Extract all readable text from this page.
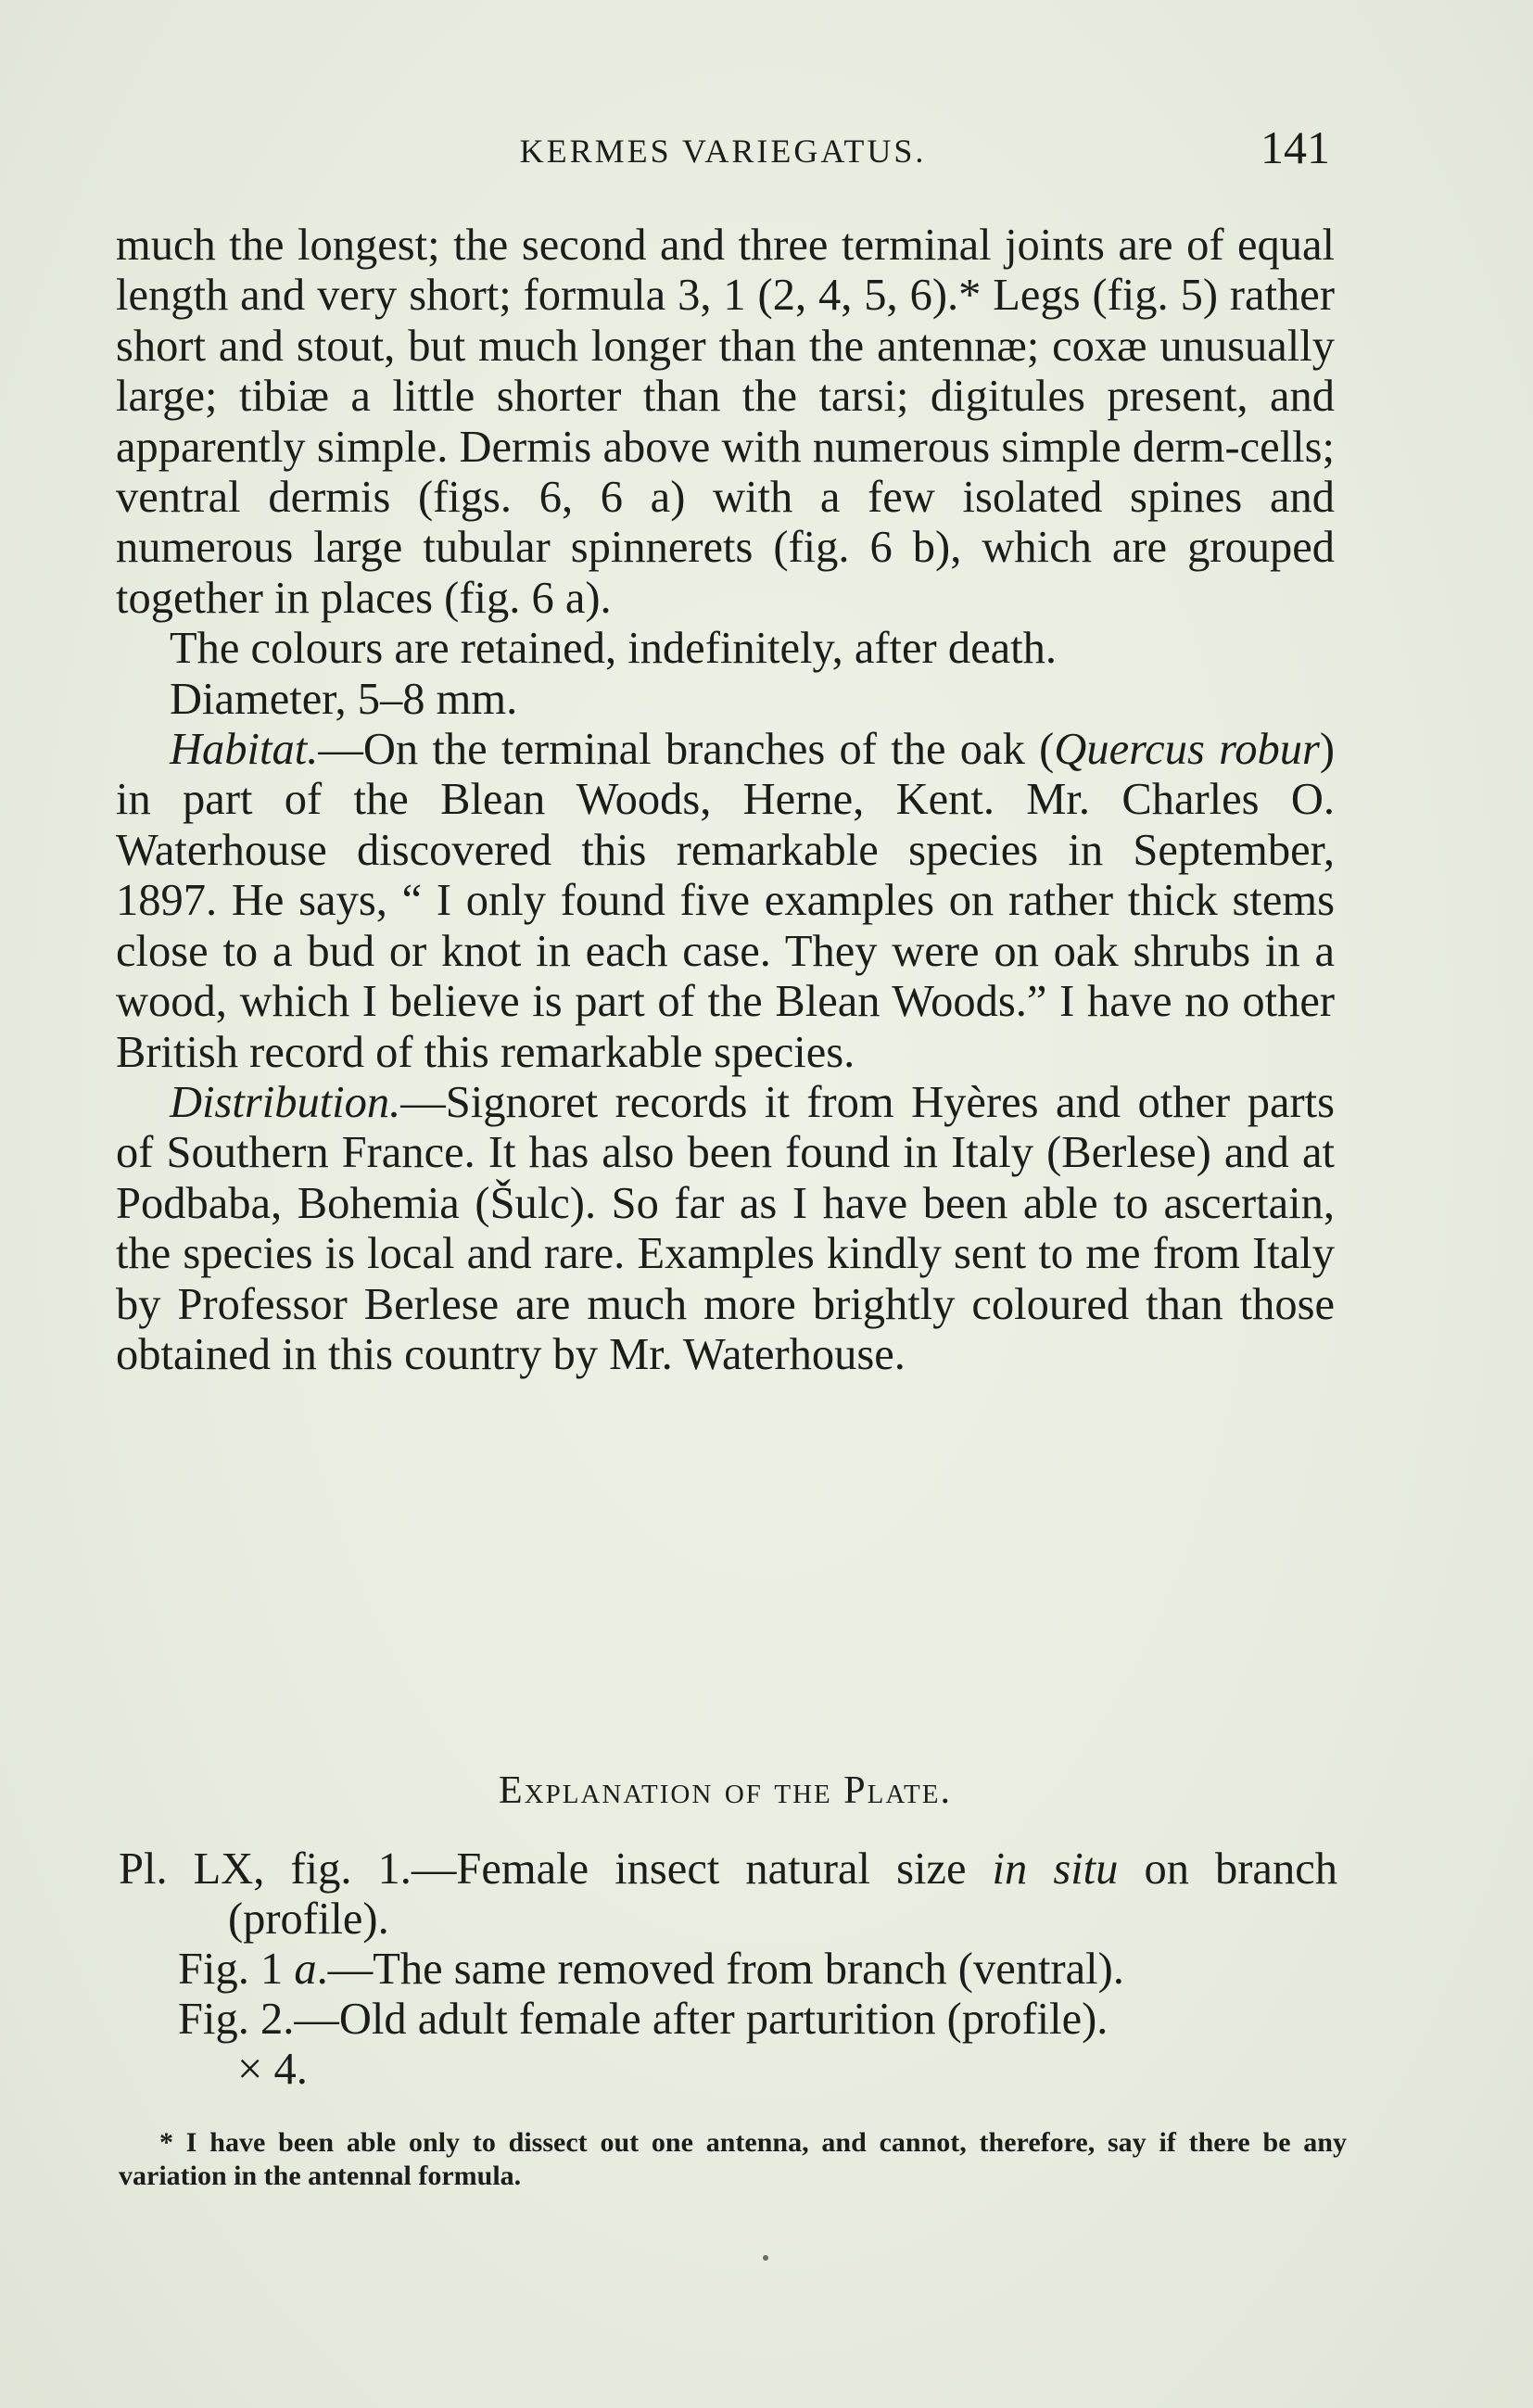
KERMES VARIEGATUS.	141

much the longest; the second and three terminal joints are of equal length and very short; formula 3, 1 (2, 4, 5, 6).* Legs (fig. 5) rather short and stout, but much longer than the antennæ; coxæ unusually large; tibiæ a little shorter than the tarsi; digitules present, and apparently simple. Dermis above with numerous simple derm-cells; ventral dermis (figs. 6, 6 a) with a few isolated spines and numerous large tubular spinnerets (fig. 6 b), which are grouped together in places (fig. 6 a).

The colours are retained, indefinitely, after death.

Diameter, 5–8 mm.

Habitat.—On the terminal branches of the oak (Quercus robur) in part of the Blean Woods, Herne, Kent. Mr. Charles O. Waterhouse discovered this remarkable species in September, 1897. He says, “ I only found five examples on rather thick stems close to a bud or knot in each case. They were on oak shrubs in a wood, which I believe is part of the Blean Woods.” I have no other British record of this remarkable species.

Distribution.—Signoret records it from Hyères and other parts of Southern France. It has also been found in Italy (Berlese) and at Podbaba, Bohemia (Šulc). So far as I have been able to ascertain, the species is local and rare. Examples kindly sent to me from Italy by Professor Berlese are much more brightly coloured than those obtained in this country by Mr. Waterhouse.

Explanation of the Plate.

Pl. LX, fig. 1.—Female insect natural size in situ on branch (profile).

Fig. 1 a.—The same removed from branch (ventral).

Fig. 2.—Old adult female after parturition (profile).

× 4.

* I have been able only to dissect out one antenna, and cannot, therefore, say if there be any variation in the antennal formula.
